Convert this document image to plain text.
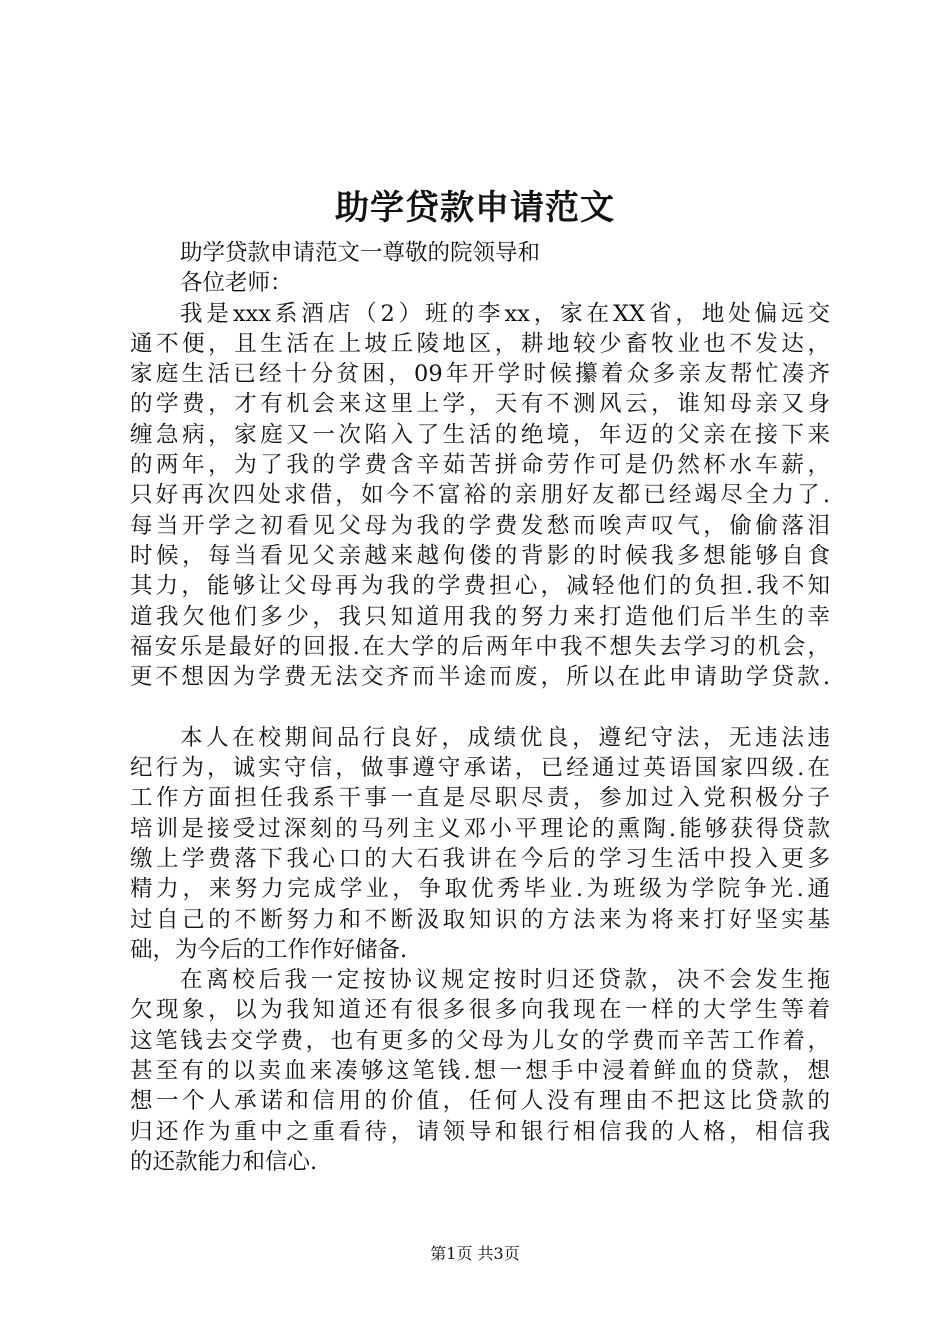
助学贷款申请范文
助学贷款申请范文一尊敬的院领导和
各位老师：
我是xxx系酒店（2）班的李xx，家在XX省，地处偏远交
通不便，且生活在上坡丘陵地区，耕地较少畜牧业也不发达，
家庭生活已经十分贫困，09年开学时候攥着众多亲友帮忙凑齐
的学费，才有机会来这里上学，天有不测风云，谁知母亲又身
缠急病，家庭又一次陷入了生活的绝境，年迈的父亲在接下来
的两年，为了我的学费含辛茹苦拼命劳作可是仍然杯水车薪，
只好再次四处求借，如今不富裕的亲朋好友都已经竭尽全力了.
每当开学之初看见父母为我的学费发愁而唉声叹气，偷偷落泪
时候，每当看见父亲越来越佝偻的背影的时候我多想能够自食
其力，能够让父母再为我的学费担心，减轻他们的负担.我不知
道我欠他们多少，我只知道用我的努力来打造他们后半生的幸
福安乐是最好的回报.在大学的后两年中我不想失去学习的机会，
更不想因为学费无法交齐而半途而废，所以在此申请助学贷款.
本人在校期间品行良好，成绩优良，遵纪守法，无违法违
纪行为，诚实守信，做事遵守承诺，已经通过英语国家四级.在
工作方面担任我系干事一直是尽职尽责，参加过入党积极分子
培训是接受过深刻的马列主义邓小平理论的熏陶.能够获得贷款
缴上学费落下我心口的大石我讲在今后的学习生活中投入更多
精力，来努力完成学业，争取优秀毕业.为班级为学院争光.通
过自己的不断努力和不断汲取知识的方法来为将来打好坚实基
础，为今后的工作作好储备.
在离校后我一定按协议规定按时归还贷款，决不会发生拖
欠现象，以为我知道还有很多很多向我现在一样的大学生等着
这笔钱去交学费，也有更多的父母为儿女的学费而辛苦工作着，
甚至有的以卖血来凑够这笔钱.想一想手中浸着鲜血的贷款，想
想一个人承诺和信用的价值，任何人没有理由不把这比贷款的
归还作为重中之重看待，请领导和银行相信我的人格，相信我
的还款能力和信心.
第1页 共3页
